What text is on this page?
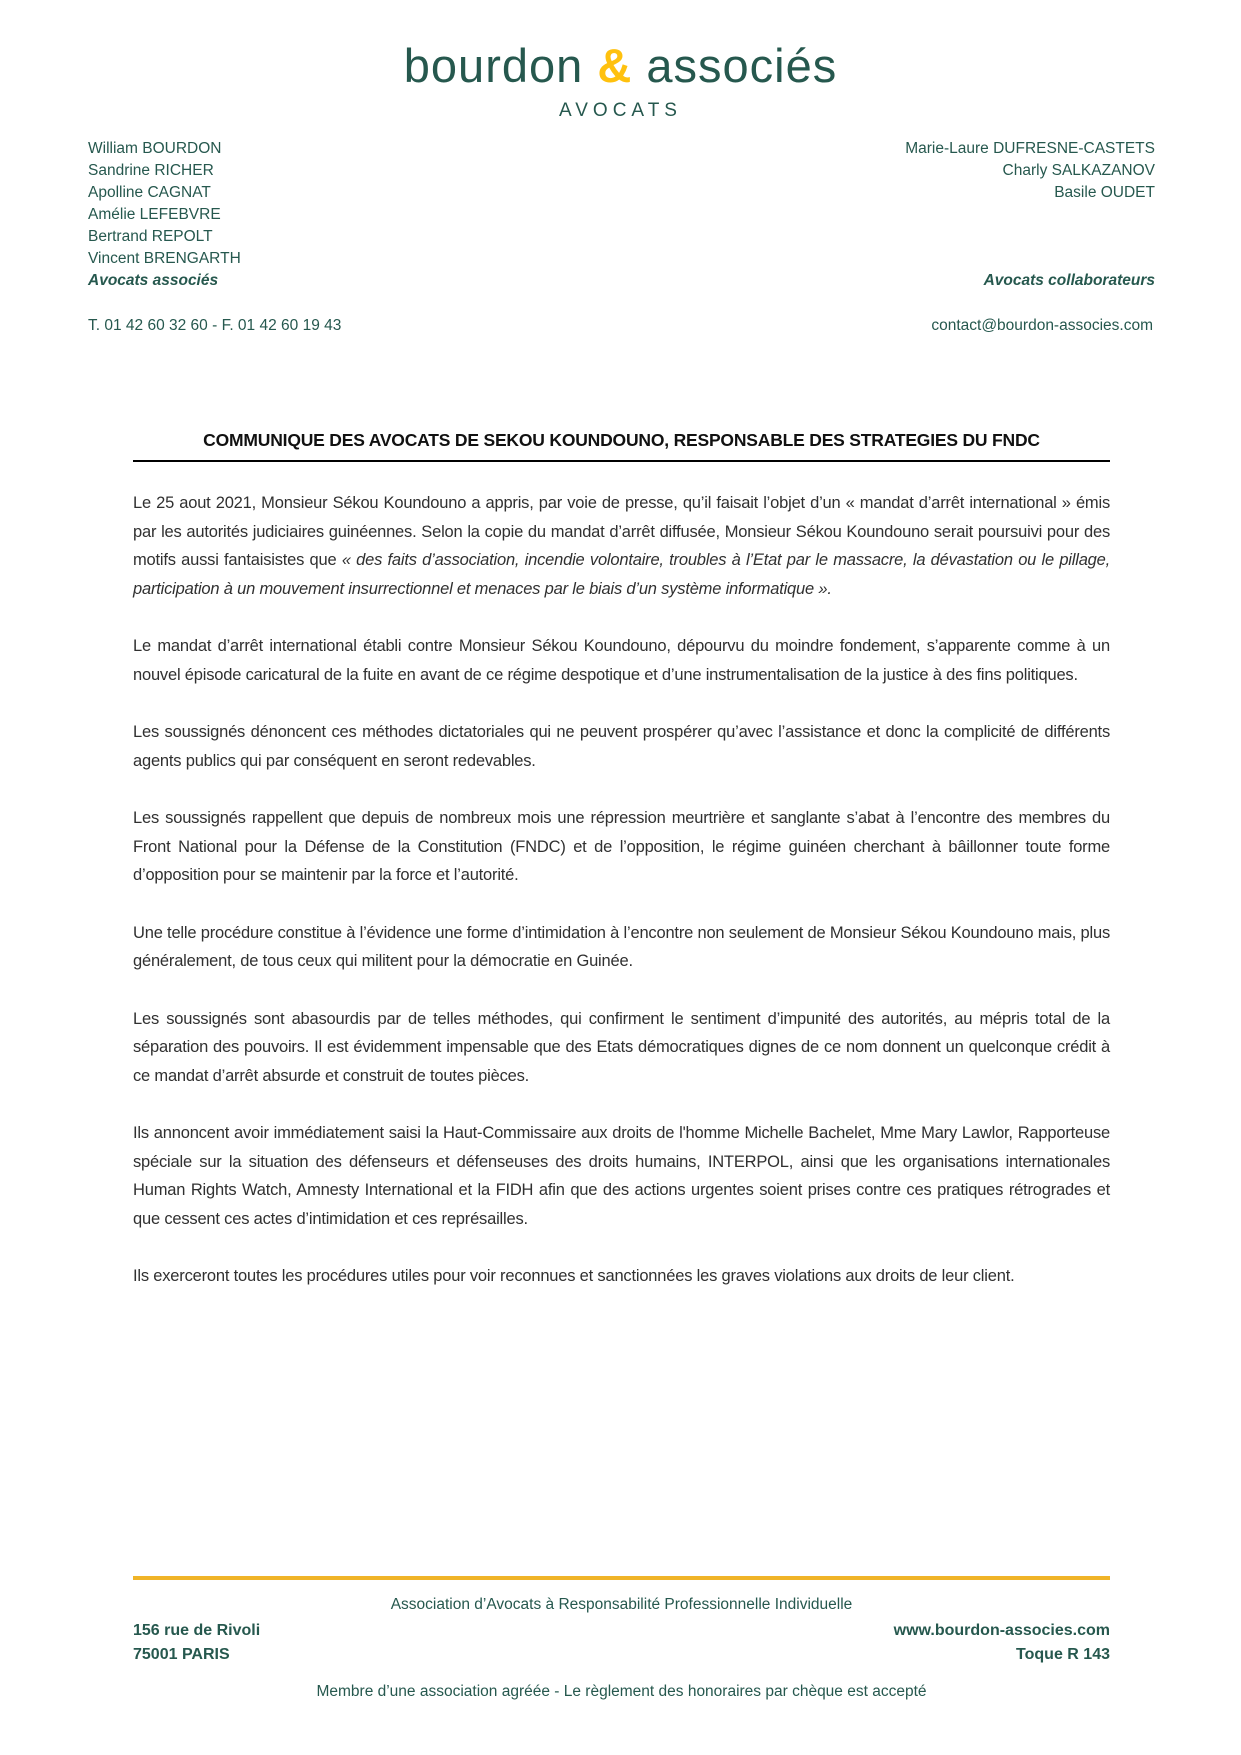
bourdon & associés
AVOCATS
William BOURDON
Sandrine RICHER
Apolline CAGNAT
Amélie LEFEBVRE
Bertrand REPOLT
Vincent BRENGARTH
Avocats associés
Marie-Laure DUFRESNE-CASTETS
Charly SALKAZANOV
Basile OUDET
Avocats collaborateurs
T. 01 42 60 32 60 - F. 01 42 60 19 43	contact@bourdon-associes.com
COMMUNIQUE DES AVOCATS DE SEKOU KOUNDOUNO, RESPONSABLE DES STRATEGIES DU FNDC

Le 25 aout 2021, Monsieur Sékou Koundouno a appris, par voie de presse, qu’il faisait l’objet d’un « mandat d’arrêt international » émis par les autorités judiciaires guinéennes. Selon la copie du mandat d’arrêt diffusée, Monsieur Sékou Koundouno serait poursuivi pour des motifs aussi fantaisistes que « des faits d’association, incendie volontaire, troubles à l’Etat par le massacre, la dévastation ou le pillage, participation à un mouvement insurrectionnel et menaces par le biais d’un système informatique ».

Le mandat d’arrêt international établi contre Monsieur Sékou Koundouno, dépourvu du moindre fondement, s’apparente comme à un nouvel épisode caricatural de la fuite en avant de ce régime despotique et d’une instrumentalisation de la justice à des fins politiques.

Les soussignés dénoncent ces méthodes dictatoriales qui ne peuvent prospérer qu’avec l’assistance et donc la complicité de différents agents publics qui par conséquent en seront redevables.

Les soussignés rappellent que depuis de nombreux mois une répression meurtrière et sanglante s’abat à l’encontre des membres du Front National pour la Défense de la Constitution (FNDC) et de l’opposition, le régime guinéen cherchant à bâillonner toute forme d’opposition pour se maintenir par la force et l’autorité.

Une telle procédure constitue à l’évidence une forme d’intimidation à l’encontre non seulement de Monsieur Sékou Koundouno mais, plus généralement, de tous ceux qui militent pour la démocratie en Guinée.

Les soussignés sont abasourdis par de telles méthodes, qui confirment le sentiment d’impunité des autorités, au mépris total de la séparation des pouvoirs. Il est évidemment impensable que des Etats démocratiques dignes de ce nom donnent un quelconque crédit à ce mandat d’arrêt absurde et construit de toutes pièces.

Ils annoncent avoir immédiatement saisi la Haut-Commissaire aux droits de l'homme Michelle Bachelet, Mme Mary Lawlor, Rapporteuse spéciale sur la situation des défenseurs et défenseuses des droits humains, INTERPOL, ainsi que les organisations internationales Human Rights Watch, Amnesty International et la FIDH afin que des actions urgentes soient prises contre ces pratiques rétrogrades et que cessent ces actes d’intimidation et ces représailles.

Ils exerceront toutes les procédures utiles pour voir reconnues et sanctionnées les graves violations aux droits de leur client.

Association d’Avocats à Responsabilité Professionnelle Individuelle
156 rue de Rivoli
75001 PARIS
www.bourdon-associes.com
Toque R 143
Membre d’une association agréée - Le règlement des honoraires par chèque est accepté
